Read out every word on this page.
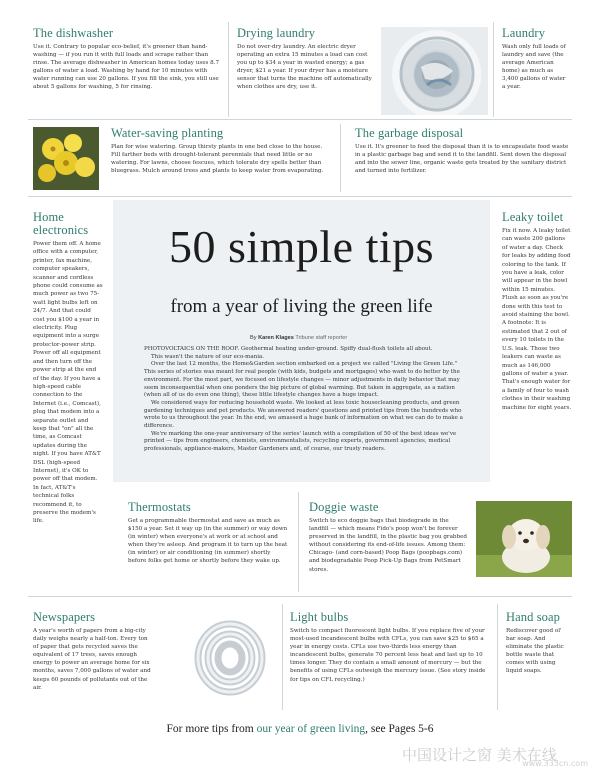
The dishwasher
Use it. Contrary to popular eco-belief, it's greener than hand-washing — if you run it with full loads and scrape rather than rinse. The average dishwasher in American homes today uses 8.7 gallons of water a load. Washing by hand for 10 minutes with water running can use 20 gallons. If you fill the sink, you still use about 5 gallons for washing, 5 for rinsing.
Drying laundry
Do not over-dry laundry. An electric dryer operating an extra 15 minutes a load can cost you up to $34 a year in wasted energy; a gas dryer, $21 a year. If your dryer has a moisture sensor that turns the machine off automatically when clothes are dry, use it.
Laundry
Wash only full loads of laundry and save (the average American home) as much as 3,400 gallons of water a year.
Water-saving planting
Plan for wise watering. Group thirsty plants in one bed close to the house. Fill farther beds with drought-tolerant perennials that need little or no watering. For lawns, choose fescues, which tolerate dry spells better than bluegrass. Mulch around trees and plants to keep water from evaporating.
The garbage disposal
Use it. It's greener to feed the disposal than it is to encapsulate food waste in a plastic garbage bag and send it to the landfill. Sent down the disposal and into the sewer line, organic waste gets treated by the sanitary district and turned into fertilizer.
Home electronics
Power them off. A home office with a computer, printer, fax machine, computer speakers, scanner and cordless phone could consume as much power as two 75-watt light bulbs left on 24/7. And that could cost you $100 a year in electricity. Plug equipment into a surge protector-power strip. Power off all equipment and then turn off the power strip at the end of the day. If you have a high-speed cable connection to the Internet (i.e., Comcast), plug that modem into a separate outlet and keep that "on" all the time, as Comcast updates during the night. If you have AT&T DSL (high-speed Internet), it's OK to power off that modem. In fact, AT&T's technical folks recommend it, to preserve the modem's life.
50 simple tips
from a year of living the green life
By Karen Klages Tribune staff reporter

PHOTOVOLTAICS ON THE ROOF. Geothermal heating under-ground. Spiffy dual-flush toilets all about.

This wasn't the nature of our eco-mania.

Over the last 12 months, the Home&Garden section embarked on a project we called "Living the Green Life." This series of stories was meant for real people (with kids, budgets and mortgages) who want to do better by the environment. For the most part, we focused on lifestyle changes — minor adjustments in daily behavior that may seem inconsequential when one ponders the big picture of global warming. But taken in aggregate, as a nation (when all of us do even one thing), these little lifestyle changes have a huge impact.

We considered ways for reducing household waste. We looked at less toxic housecleaning products, and green gardening techniques and pet products. We answered readers' questions and printed tips from the hundreds who wrote to us throughout the year. In the end, we amassed a huge bank of information on what we can do to make a difference.

We're marking the one-year anniversary of the series' launch with a compilation of 50 of the best ideas we've printed — tips from engineers, chemists, environmentalists, recycling experts, government agencies, medical professionals, appliance-makers, Master Gardeners and, of course, our trusty readers.

Leaky toilet
Fix it now. A leaky toilet can waste 200 gallons of water a day. Check for leaks by adding food coloring to the tank. If you have a leak, color will appear in the bowl within 15 minutes. Flush as soon as you're done with this test to avoid staining the bowl. A footnote: It is estimated that 2 out of every 10 toilets in the U.S. leak. Those two leakers can waste as much as 146,000 gallons of water a year. That's enough water for a family of four to wash clothes in their washing machine for eight years.
Thermostats
Get a programmable thermostat and save as much as $150 a year. Set it way up (in the summer) or way down (in winter) when everyone's at work or at school and when they're asleep. And program it to turn up the heat (in winter) or air conditioning (in summer) shortly before folks get home or shortly before they wake up.
Doggie waste
Switch to eco doggie bags that biodegrade in the landfill — which means Fido's poop won't be forever preserved in the landfill, in the plastic bag you grabbed without considering its end-of-life issues. Among them: Chicago- (and corn-based) Poop Bags (poopbags.com) and biodegradable Poop Pick-Up Bags from PetSmart stores.
Newspapers
A year's worth of papers from a big-city daily weighs nearly a half-ton. Every ton of paper that gets recycled saves the equivalent of 17 trees, saves enough energy to power an average home for six months, saves 7,000 gallons of water and keeps 60 pounds of pollutants out of the air.
Light bulbs
Switch to compact fluorescent light bulbs. If you replace five of your most-used incandescent bulbs with CFLs, you can save $25 to $65 a year in energy costs. CFLs use two-thirds less energy than incandescent bulbs, generate 70 percent less heat and last up to 10 times longer. They do contain a small amount of mercury — but the benefits of using CFLs outweigh the mercury issue. (See story inside for tips on CFL recycling.)
Hand soap
Rediscover good ol' bar soap. And eliminate the plastic bottle waste that comes with using liquid soaps.
For more tips from our year of green living, see Pages 5-6
中国设计之窗 美术在线
www.333cn.com
